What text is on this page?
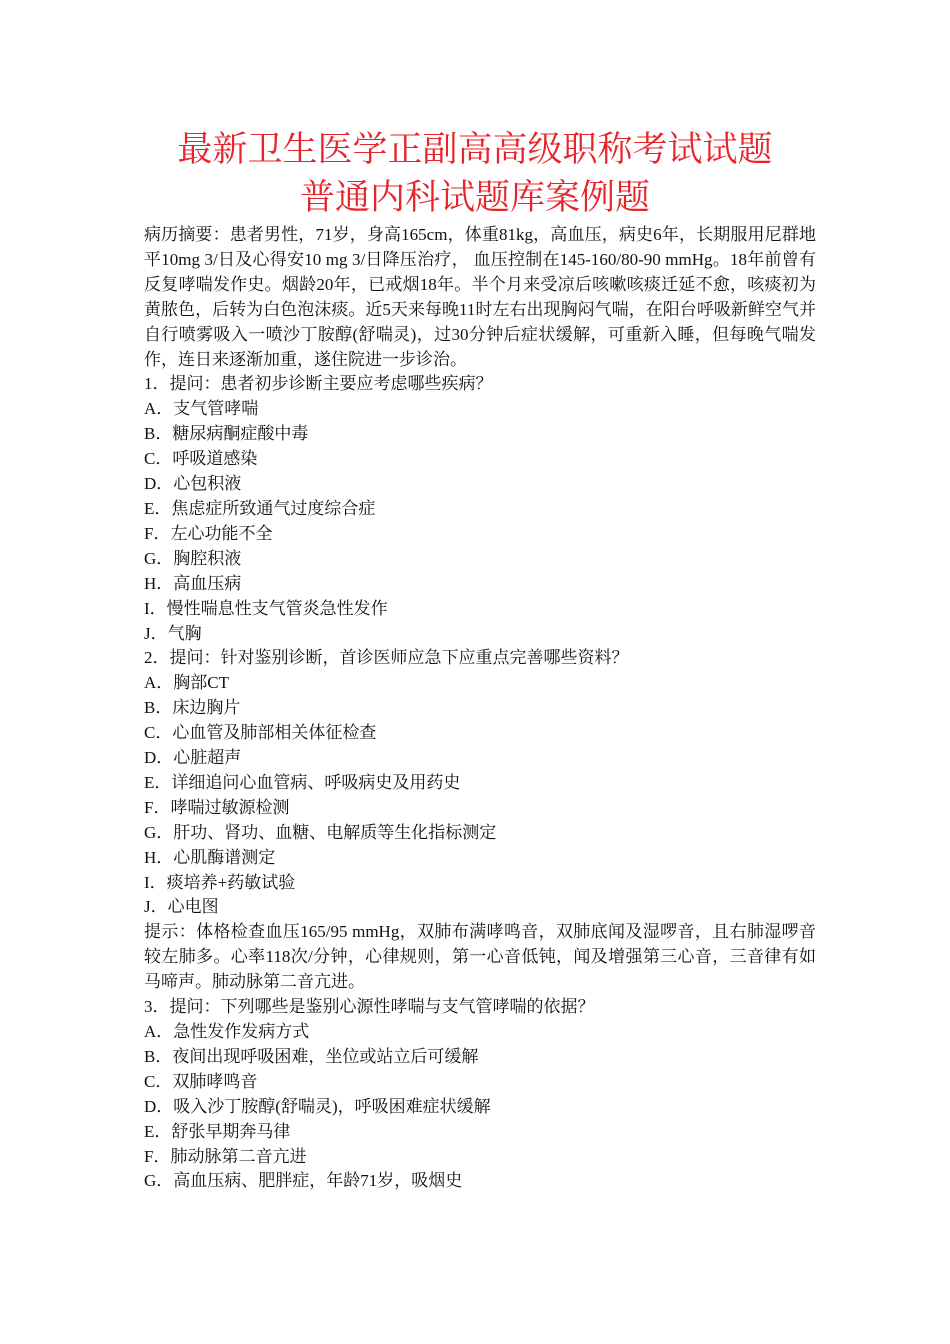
最新卫生医学正副高高级职称考试试题
普通内科试题库案例题

病历摘要：患者男性，71岁，身高165cm，体重81kg，高血压，病史6年，长期服用尼群地平10mg 3/日及心得安10 mg 3/日降压治疗， 血压控制在145-160/80-90 mmHg。18年前曾有反复哮喘发作史。烟龄20年，已戒烟18年。半个月来受凉后咳嗽咳痰迁延不愈，咳痰初为黄脓色，后转为白色泡沫痰。近5天来每晚11时左右出现胸闷气喘，在阳台呼吸新鲜空气并自行喷雾吸入一喷沙丁胺醇(舒喘灵)，过30分钟后症状缓解，可重新入睡，但每晚气喘发作，连日来逐渐加重，遂住院进一步诊治。

1．提问：患者初步诊断主要应考虑哪些疾病？

A．支气管哮喘

B．糖尿病酮症酸中毒

C．呼吸道感染

D．心包积液

E．焦虑症所致通气过度综合症

F．左心功能不全

G．胸腔积液

H．高血压病

I．慢性喘息性支气管炎急性发作

J．气胸

2．提问：针对鉴别诊断，首诊医师应急下应重点完善哪些资料？

A．胸部CT

B．床边胸片

C．心血管及肺部相关体征检查

D．心脏超声

E．详细追问心血管病、呼吸病史及用药史

F．哮喘过敏源检测

G．肝功、肾功、血糖、电解质等生化指标测定

H．心肌酶谱测定

I．痰培养+药敏试验

J．心电图

提示：体格检查血压165/95 mmHg，双肺布满哮鸣音，双肺底闻及湿啰音，且右肺湿啰音较左肺多。心率118次/分钟，心律规则，第一心音低钝，闻及增强第三心音，三音律有如马啼声。肺动脉第二音亢进。

3．提问：下列哪些是鉴别心源性哮喘与支气管哮喘的依据？

A．急性发作发病方式

B．夜间出现呼吸困难，坐位或站立后可缓解

C．双肺哮鸣音

D．吸入沙丁胺醇(舒喘灵)，呼吸困难症状缓解

E．舒张早期奔马律

F．肺动脉第二音亢进

G．高血压病、肥胖症，年龄71岁，吸烟史
